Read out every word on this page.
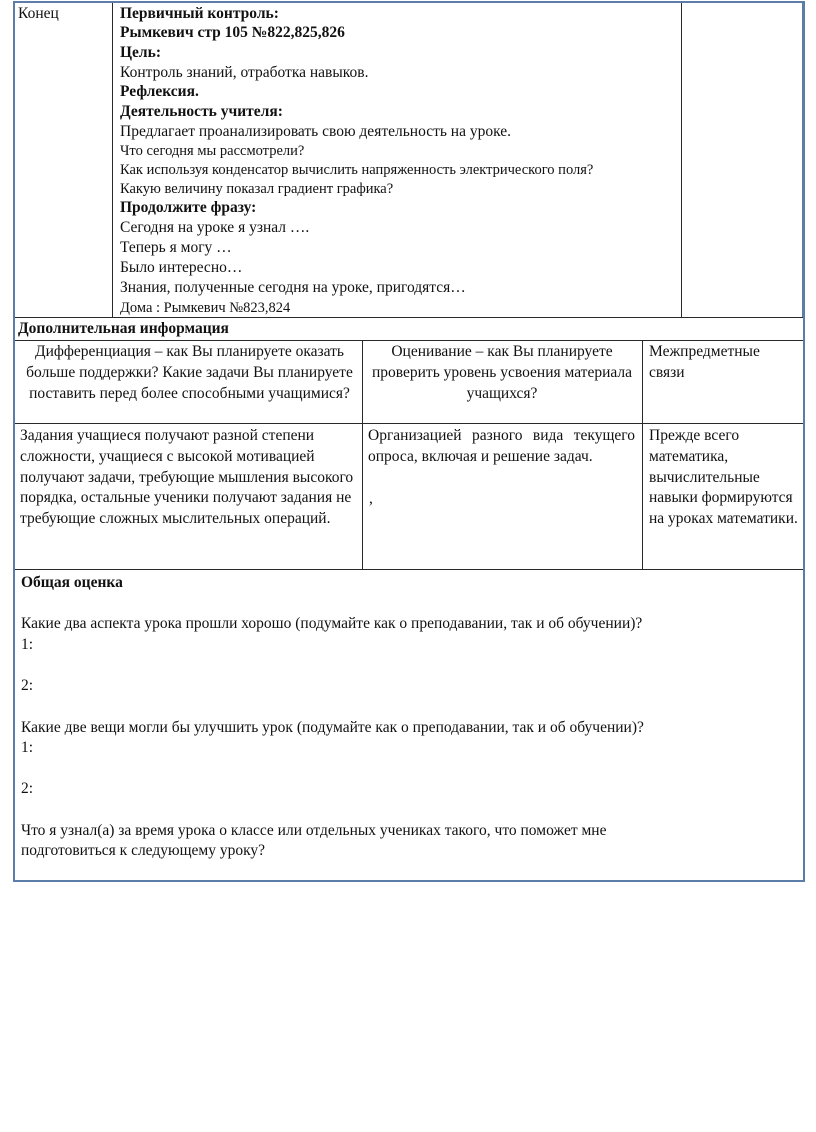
Конец	Первичный контроль:
Рымкевич стр 105 №822,825,826
Цель:
Контроль знаний, отработка навыков.
Рефлексия.
Деятельность учителя:
Предлагает проанализировать свою деятельность на уроке.
Что сегодня мы рассмотрели?
Как используя конденсатор вычислить напряженность электрического поля?
Какую величину показал градиент графика?
Продолжите фразу:
Сегодня на уроке я узнал ….
Теперь я могу …
Было интересно…
Знания, полученные сегодня на уроке, пригодятся…
Дома : Рымкевич №823,824
Дополнительная информация
Дифференциация – как Вы планируете оказать больше поддержки? Какие задачи Вы планируете поставить перед более способными учащимися?
Оценивание – как Вы планируете проверить уровень усвоения материала учащихся?
Межпредметные связи
Задания учащиеся получают разной степени сложности, учащиеся с высокой мотивацией получают задачи, требующие мышления высокого порядка, остальные ученики получают задания не требующие сложных мыслительных операций.
Организацией разного вида текущего опроса, включая и решение задач.
,
Прежде всего математика, вычислительные навыки формируются на уроках математики.
Общая оценка
Какие два аспекта урока прошли хорошо (подумайте как о преподавании, так и об обучении)?
1:
2:
Какие две вещи могли бы улучшить урок (подумайте как о преподавании, так и об обучении)?
1:
2:
Что я узнал(а) за время урока о классе или отдельных учениках такого, что поможет мне
подготовиться к следующему уроку?
